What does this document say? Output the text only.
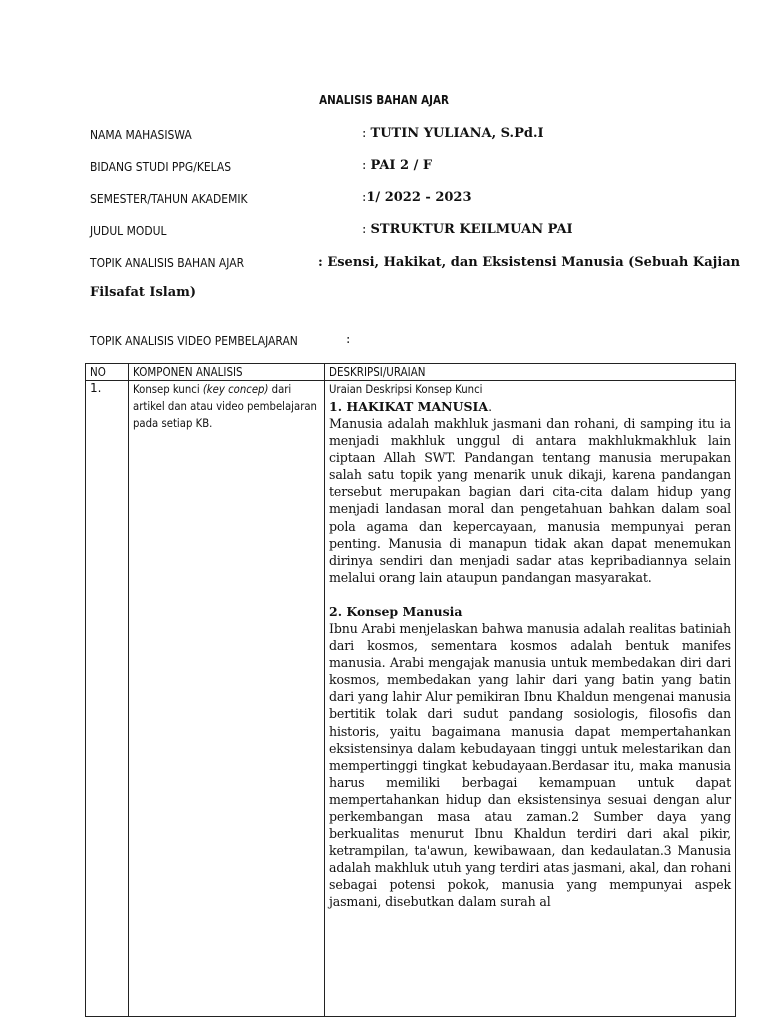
ANALISIS BAHAN AJAR
NAMA MAHASISWA	: TUTIN YULIANA, S.Pd.I
BIDANG STUDI PPG/KELAS	: PAI 2 / F
SEMESTER/TAHUN AKADEMIK	:1/ 2022 - 2023
JUDUL MODUL	: STRUKTUR KEILMUAN PAI
TOPIK ANALISIS BAHAN AJAR	: Esensi, Hakikat, dan Eksistensi Manusia (Sebuah Kajian
Filsafat Islam)
TOPIK ANALISIS VIDEO PEMBELAJARAN	:
NO	KOMPONEN ANALISIS	DESKRIPSI/URAIAN
1.	Konsep kunci (key concep) dari artikel dan atau video pembelajaran pada setiap KB.	Uraian Deskripsi Konsep Kunci
1. HAKIKAT MANUSIA.
Manusia adalah makhluk jasmani dan rohani, di samping itu ia menjadi makhluk unggul di antara makhlukmakhluk lain ciptaan Allah SWT. Pandangan tentang manusia merupakan salah satu topik yang menarik unuk dikaji, karena pandangan tersebut merupakan bagian dari cita-cita dalam hidup yang menjadi landasan moral dan pengetahuan bahkan dalam soal pola agama dan kepercayaan, manusia mempunyai peran penting. Manusia di manapun tidak akan dapat menemukan dirinya sendiri dan menjadi sadar atas kepribadiannya selain melalui orang lain ataupun pandangan masyarakat.
2. Konsep Manusia
Ibnu Arabi menjelaskan bahwa manusia adalah realitas batiniah dari kosmos, sementara kosmos adalah bentuk manifes manusia. Arabi mengajak manusia untuk membedakan diri dari kosmos, membedakan yang lahir dari yang batin yang batin dari yang lahir Alur pemikiran Ibnu Khaldun mengenai manusia bertitik tolak dari sudut pandang sosiologis, filosofis dan historis, yaitu bagaimana manusia dapat mempertahankan eksistensinya dalam kebudayaan tinggi untuk melestarikan dan mempertinggi tingkat kebudayaan.Berdasar itu, maka manusia harus memiliki berbagai kemampuan untuk dapat mempertahankan hidup dan eksistensinya sesuai dengan alur perkembangan masa atau zaman.2 Sumber daya yang berkualitas menurut Ibnu Khaldun terdiri dari akal pikir, ketrampilan, ta'awun, kewibawaan, dan kedaulatan.3 Manusia adalah makhluk utuh yang terdiri atas jasmani, akal, dan rohani sebagai potensi pokok, manusia yang mempunyai aspek jasmani, disebutkan dalam surah al
